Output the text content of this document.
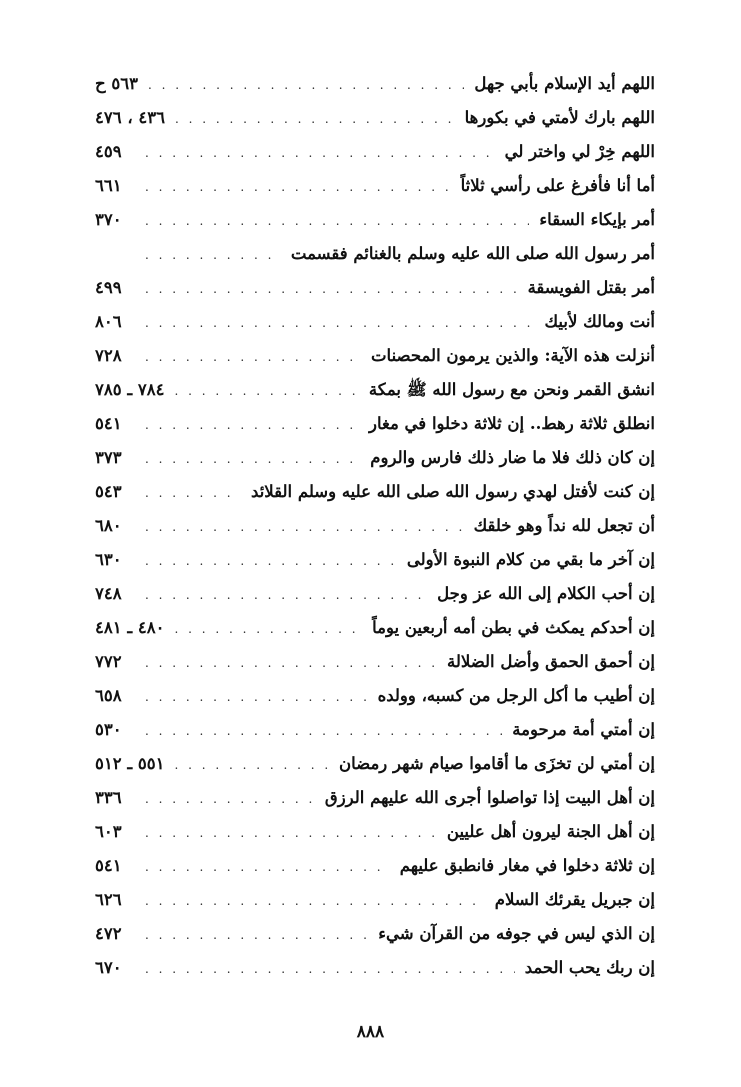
اللهم أيد الإسلام بأبي جهل
. . .
٥٦٣ ح
اللهم بارك لأمتي في بكورها
. . .
٤٣٦ ، ٤٧٦
اللهم خِرْ لي واختر لي
. . .
٤٥٩
أما أنا فأفرغ على رأسي ثلاثاً
. . .
٦٦١
أمر بإيكاء السقاء
. . .
٣٧٠
أمر رسول الله صلى الله عليه وسلم بالغنائم فقسمت
. . .
أمر بقتل الفويسقة
. . .
٤٩٩
أنت ومالك لأبيك
. . .
٨٠٦
أنزلت هذه الآية: والذين يرمون المحصنات
. . .
٧٢٨
انشق القمر ونحن مع رسول الله ﷺ بمكة
. . .
٧٨٤ ـ ٧٨٥
انطلق ثلاثة رهط.. إن ثلاثة دخلوا في مغار
. . .
٥٤١
إن كان ذلك فلا ما ضار ذلك فارس والروم
. . .
٣٧٣
إن كنت لأفتل لهدي رسول الله صلى الله عليه وسلم القلائد
. . .
٥٤٣
أن تجعل لله نداً وهو خلقك
. . .
٦٨٠
إن آخر ما بقي من كلام النبوة الأولى
. . .
٦٣٠
إن أحب الكلام إلى الله عز وجل
. . .
٧٤٨
إن أحدكم يمكث في بطن أمه أربعين يوماً
. . .
٤٨٠ ـ ٤٨١
إن أحمق الحمق وأضل الضلالة
. . .
٧٧٢
إن أطيب ما أكل الرجل من كسبه، وولده
. . .
٦٥٨
إن أمتي أمة مرحومة
. . .
٥٣٠
إن أمتي لن تخزَى ما أقاموا صيام شهر رمضان
. . .
٥٥١ ـ ٥١٢
إن أهل البيت إذا تواصلوا أجرى الله عليهم الرزق
. . .
٣٣٦
إن أهل الجنة ليرون أهل عليين
. . .
٦٠٣
إن ثلاثة دخلوا في مغار فانطبق عليهم
. . .
٥٤١
إن جبريل يقرئك السلام
. . .
٦٢٦
إن الذي ليس في جوفه من القرآن شيء
. . .
٤٧٢
إن ربك يحب الحمد
. . .
٦٧٠
٨٨٨
